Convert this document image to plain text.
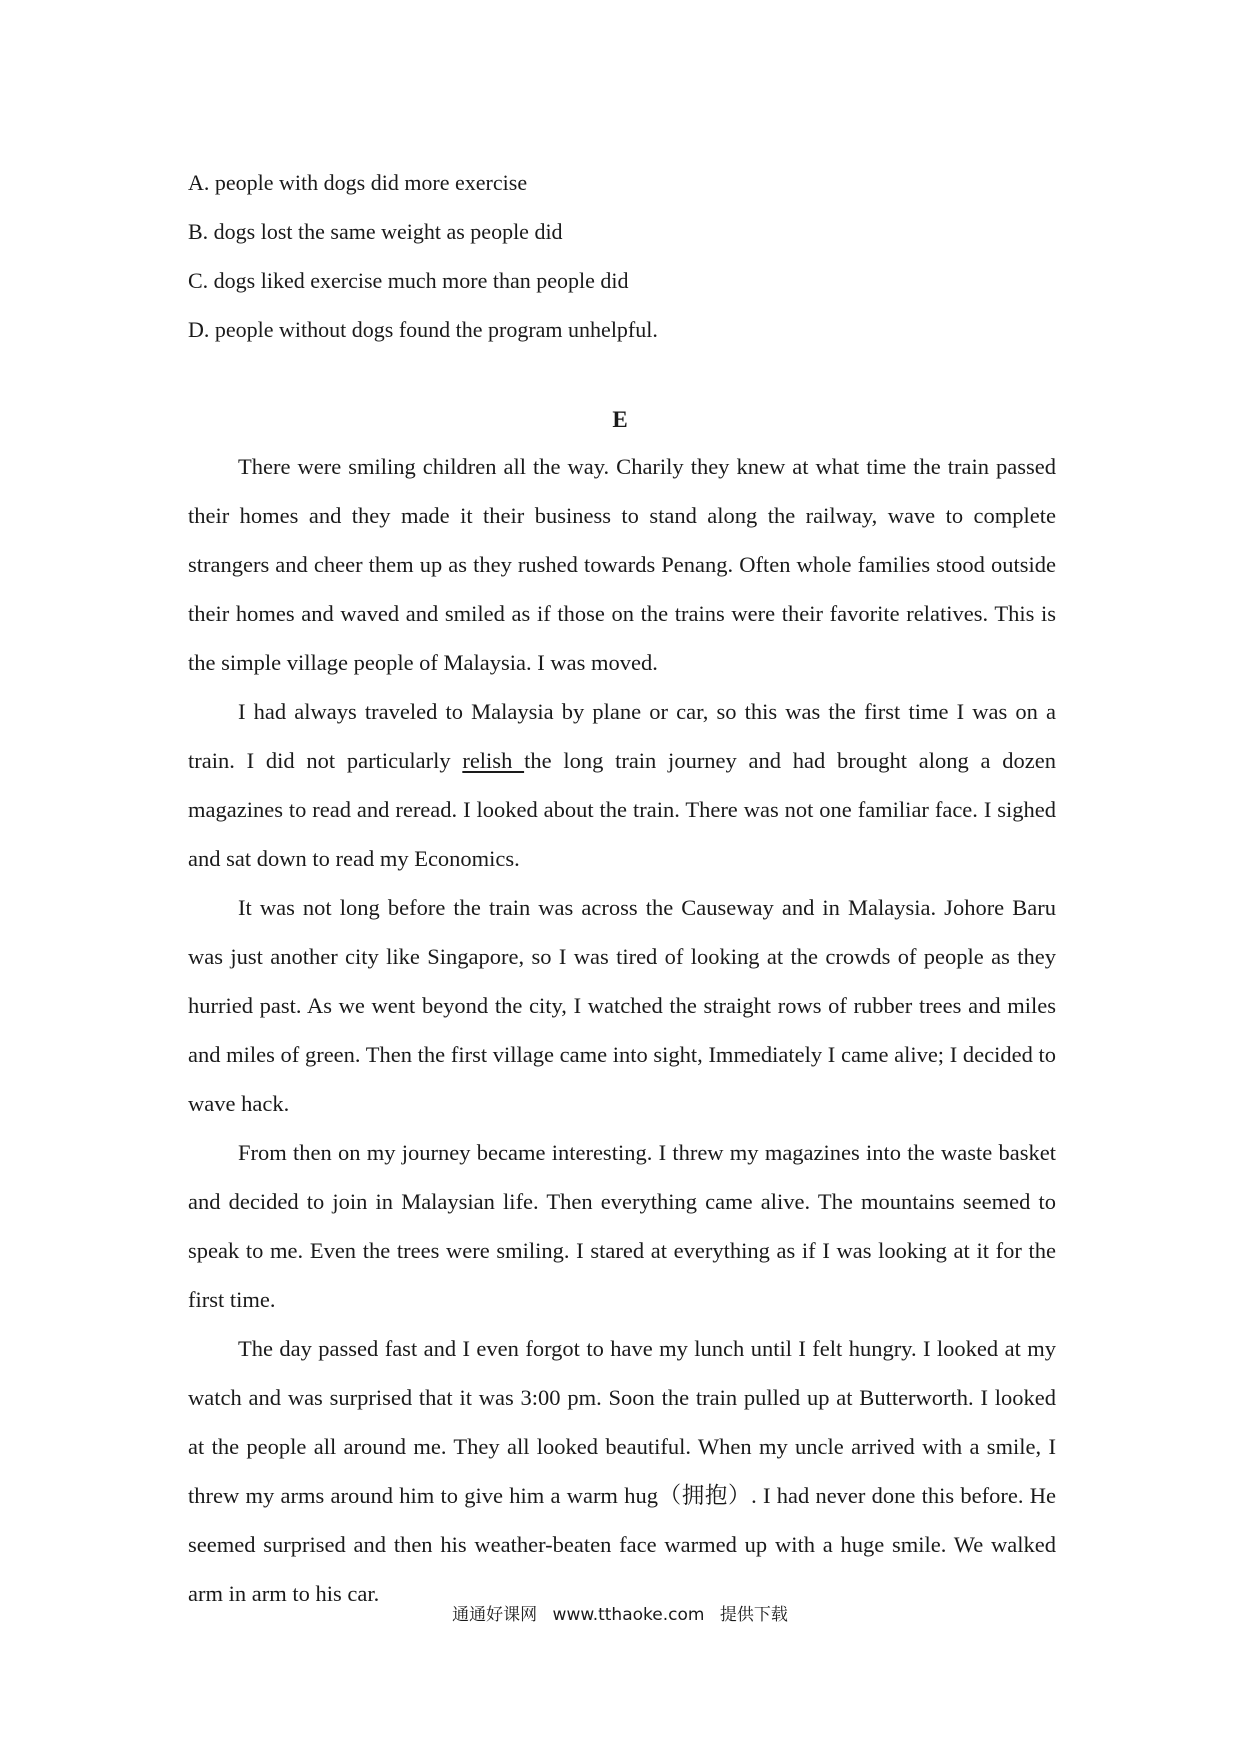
A. people with dogs did more exercise
B. dogs lost the same weight as people did
C. dogs liked exercise much more than people did
D. people without dogs found the program unhelpful.
E

There were smiling children all the way. Charily they knew at what time the train passed their homes and they made it their business to stand along the railway, wave to complete strangers and cheer them up as they rushed towards Penang. Often whole families stood outside their homes and waved and smiled as if those on the trains were their favorite relatives. This is the simple village people of Malaysia. I was moved.

I had always traveled to Malaysia by plane or car, so this was the first time I was on a train. I did not particularly relish the long train journey and had brought along a dozen magazines to read and reread. I looked about the train. There was not one familiar face. I sighed and sat down to read my Economics.

It was not long before the train was across the Causeway and in Malaysia. Johore Baru was just another city like Singapore, so I was tired of looking at the crowds of people as they hurried past. As we went beyond the city, I watched the straight rows of rubber trees and miles and miles of green. Then the first village came into sight, Immediately I came alive; I decided to wave hack.

From then on my journey became interesting. I threw my magazines into the waste basket and decided to join in Malaysian life. Then everything came alive. The mountains seemed to speak to me. Even the trees were smiling. I stared at everything as if I was looking at it for the first time.

The day passed fast and I even forgot to have my lunch until I felt hungry. I looked at my watch and was surprised that it was 3:00 pm. Soon the train pulled up at Butterworth. I looked at the people all around me. They all looked beautiful. When my uncle arrived with a smile, I threw my arms around him to give him a warm hug（拥抱）. I had never done this before. He seemed surprised and then his weather-beaten face warmed up with a huge smile. We walked arm in arm to his car.

通通好课网 www.tthaoke.com 提供下载
